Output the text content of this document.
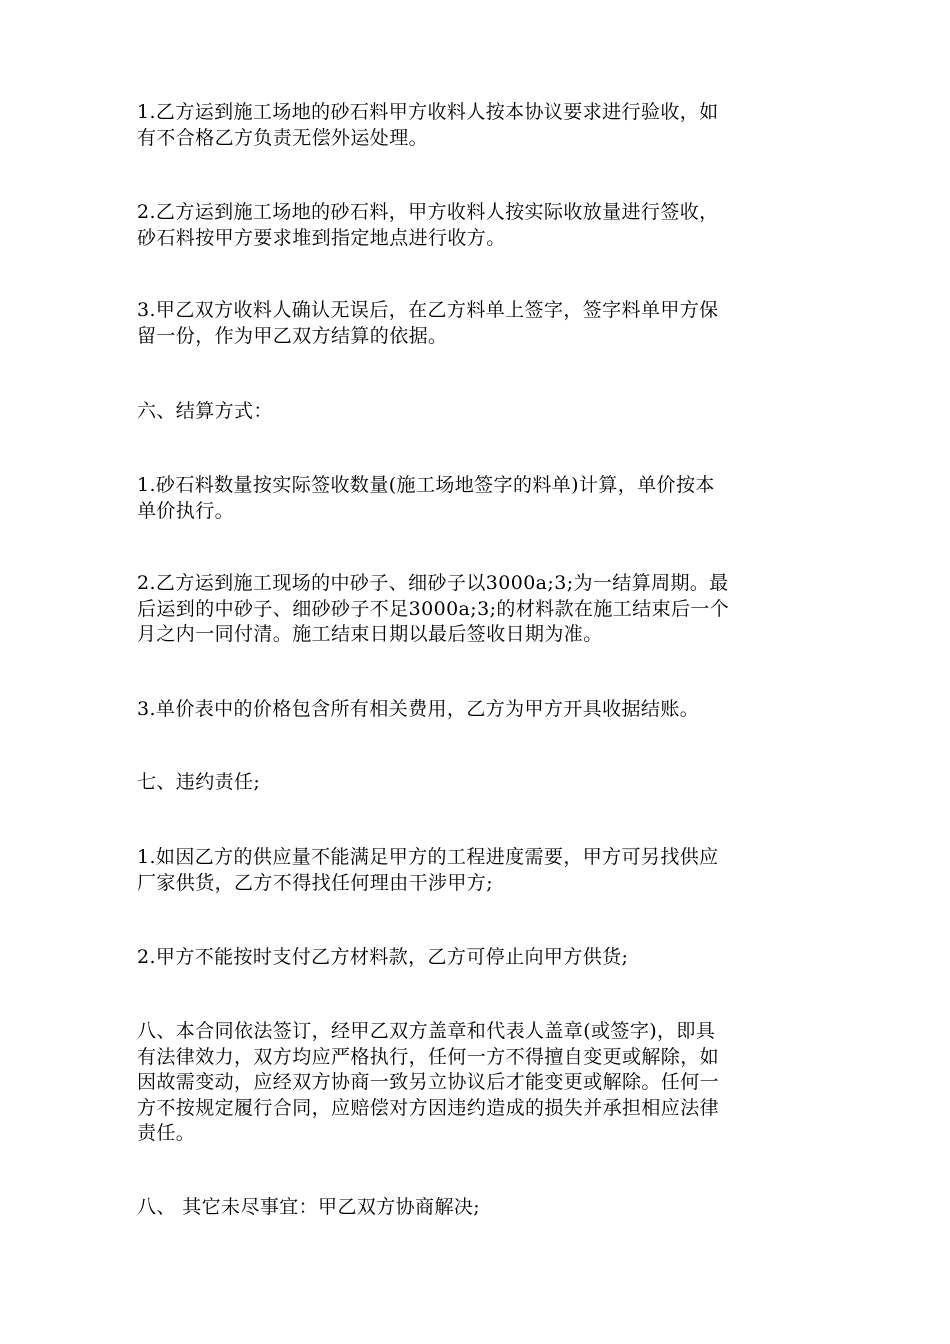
1.乙方运到施工场地的砂石料甲方收料人按本协议要求进行验收，如
有不合格乙方负责无偿外运处理。

2.乙方运到施工场地的砂石料，甲方收料人按实际收放量进行签收，
砂石料按甲方要求堆到指定地点进行收方。

3.甲乙双方收料人确认无误后，在乙方料单上签字，签字料单甲方保
留一份，作为甲乙双方结算的依据。

六、结算方式：

1.砂石料数量按实际签收数量(施工场地签字的料单)计算，单价按本
单价执行。

2.乙方运到施工现场的中砂子、细砂子以3000a;3;为一结算周期。最
后运到的中砂子、细砂砂子不足3000a;3;的材料款在施工结束后一个
月之内一同付清。施工结束日期以最后签收日期为准。

3.单价表中的价格包含所有相关费用，乙方为甲方开具收据结账。

七、违约责任;

1.如因乙方的供应量不能满足甲方的工程进度需要，甲方可另找供应
厂家供货，乙方不得找任何理由干涉甲方;

2.甲方不能按时支付乙方材料款，乙方可停止向甲方供货;

八、本合同依法签订，经甲乙双方盖章和代表人盖章(或签字)，即具
有法律效力，双方均应严格执行，任何一方不得擅自变更或解除，如
因故需变动，应经双方协商一致另立协议后才能变更或解除。任何一
方不按规定履行合同，应赔偿对方因违约造成的损失并承担相应法律
责任。

八、 其它未尽事宜：甲乙双方协商解决;
